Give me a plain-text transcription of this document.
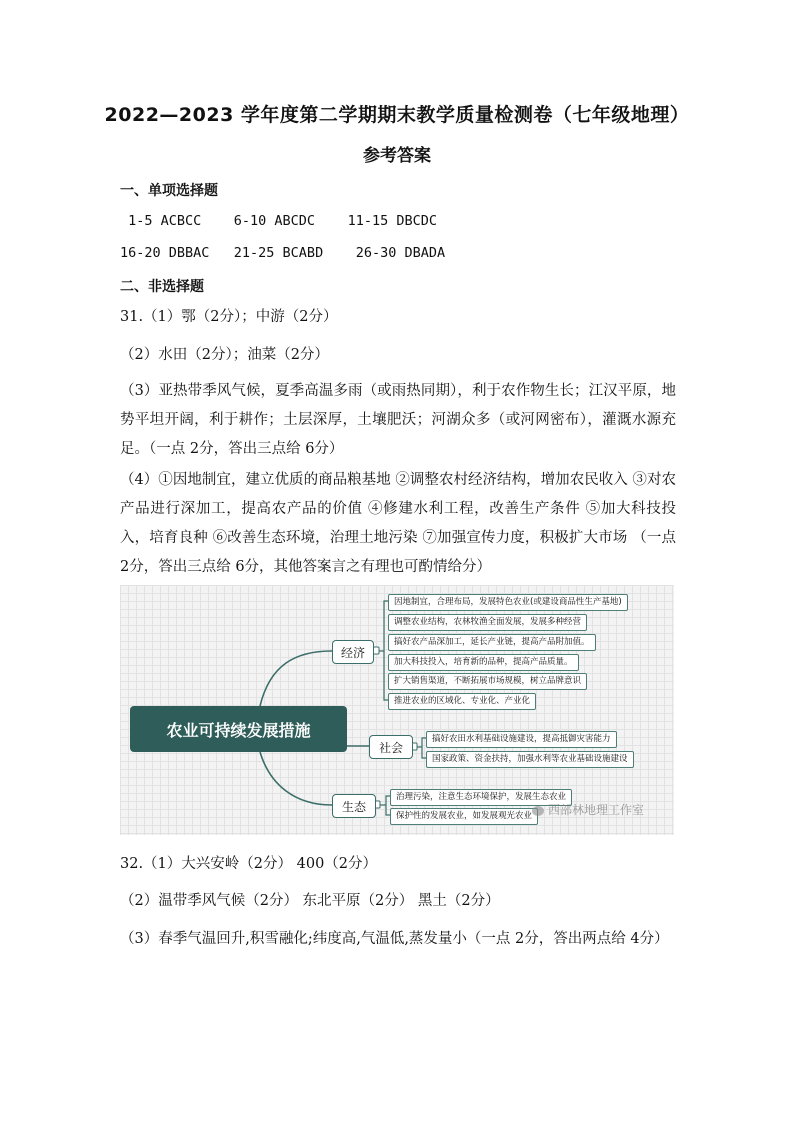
2022—2023 学年度第二学期期末教学质量检测卷（七年级地理）
参考答案
一、单项选择题
1-5 ACBCC    6-10 ABCDC    11-15 DBCDC
16-20 DBBAC   21-25 BCABD    26-30 DBADA
二、非选择题
31.（1）鄂（2分）；中游（2分）
（2）水田（2分）；油菜（2分）
（3）亚热带季风气候，夏季高温多雨（或雨热同期），利于农作物生长；江汉平原，地势平坦开阔，利于耕作；土层深厚，土壤肥沃；河湖众多（或河网密布），灌溉水源充足。（一点 2分，答出三点给 6分）
（4）①因地制宜，建立优质的商品粮基地 ②调整农村经济结构，增加农民收入 ③对农产品进行深加工，提高农产品的价值 ④修建水利工程，改善生产条件 ⑤加大科技投入，培育良种 ⑥改善生态环境，治理土地污染 ⑦加强宣传力度，积极扩大市场 （一点 2分，答出三点给 6分，其他答案言之有理也可酌情给分）
农业可持续发展措施
经济
社会
生态
因地制宜，合理布局，发展特色农业(或建设商品性生产基地)
调整农业结构，农林牧渔全面发展，发展多种经营
搞好农产品深加工，延长产业链，提高产品附加值。
加大科技投入，培育新的品种，提高产品质量。
扩大销售渠道，不断拓展市场规模，树立品牌意识
推进农业的区域化、专业化、产业化
搞好农田水利基础设施建设，提高抵御灾害能力
国家政策、资金扶持，加强水利等农业基础设施建设
治理污染，注意生态环境保护，发展生态农业
保护性的发展农业，如发展观光农业	西部林地理工作室
32.（1）大兴安岭（2分） 400（2分）
（2）温带季风气候（2分） 东北平原（2分） 黑土（2分）
（3）春季气温回升,积雪融化;纬度高,气温低,蒸发量小（一点 2分，答出两点给 4分）
